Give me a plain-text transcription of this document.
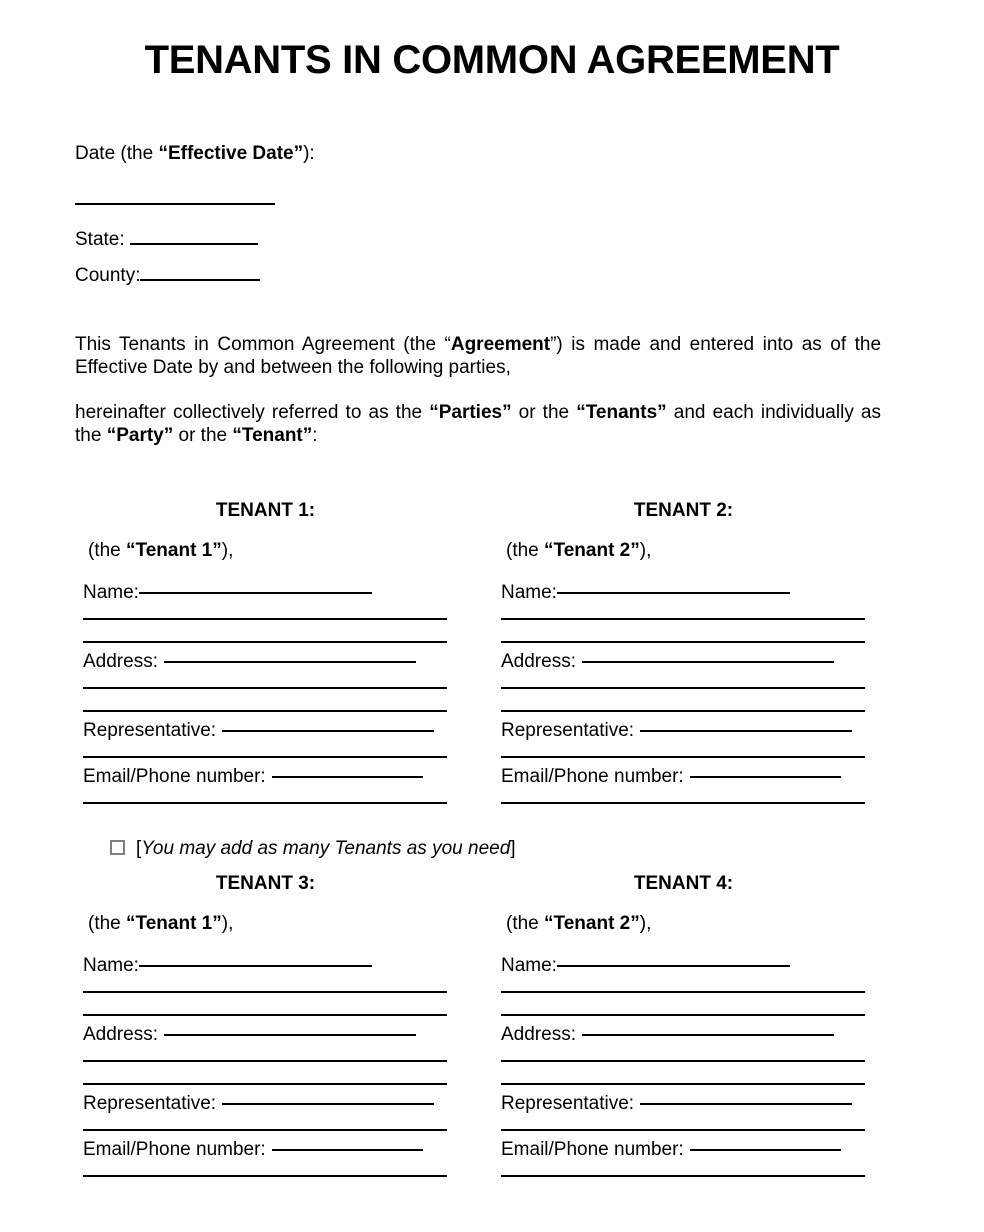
TENANTS IN COMMON AGREEMENT
Date (the “Effective Date”):
State:
County:
This Tenants in Common Agreement (the “Agreement”) is made and entered into as of the Effective Date by and between the following parties,
hereinafter collectively referred to as the “Parties” or the “Tenants” and each individually as the “Party” or the “Tenant”:
TENANT 1:
(the “Tenant 1”),
Name:
Address:
Representative:
Email/Phone number:
TENANT 2:
(the “Tenant 2”),
Name:
Address:
Representative:
Email/Phone number:
[You may add as many Tenants as you need]
TENANT 3:
(the “Tenant 1”),
Name:
Address:
Representative:
Email/Phone number:
TENANT 4:
(the “Tenant 2”),
Name:
Address:
Representative:
Email/Phone number:
